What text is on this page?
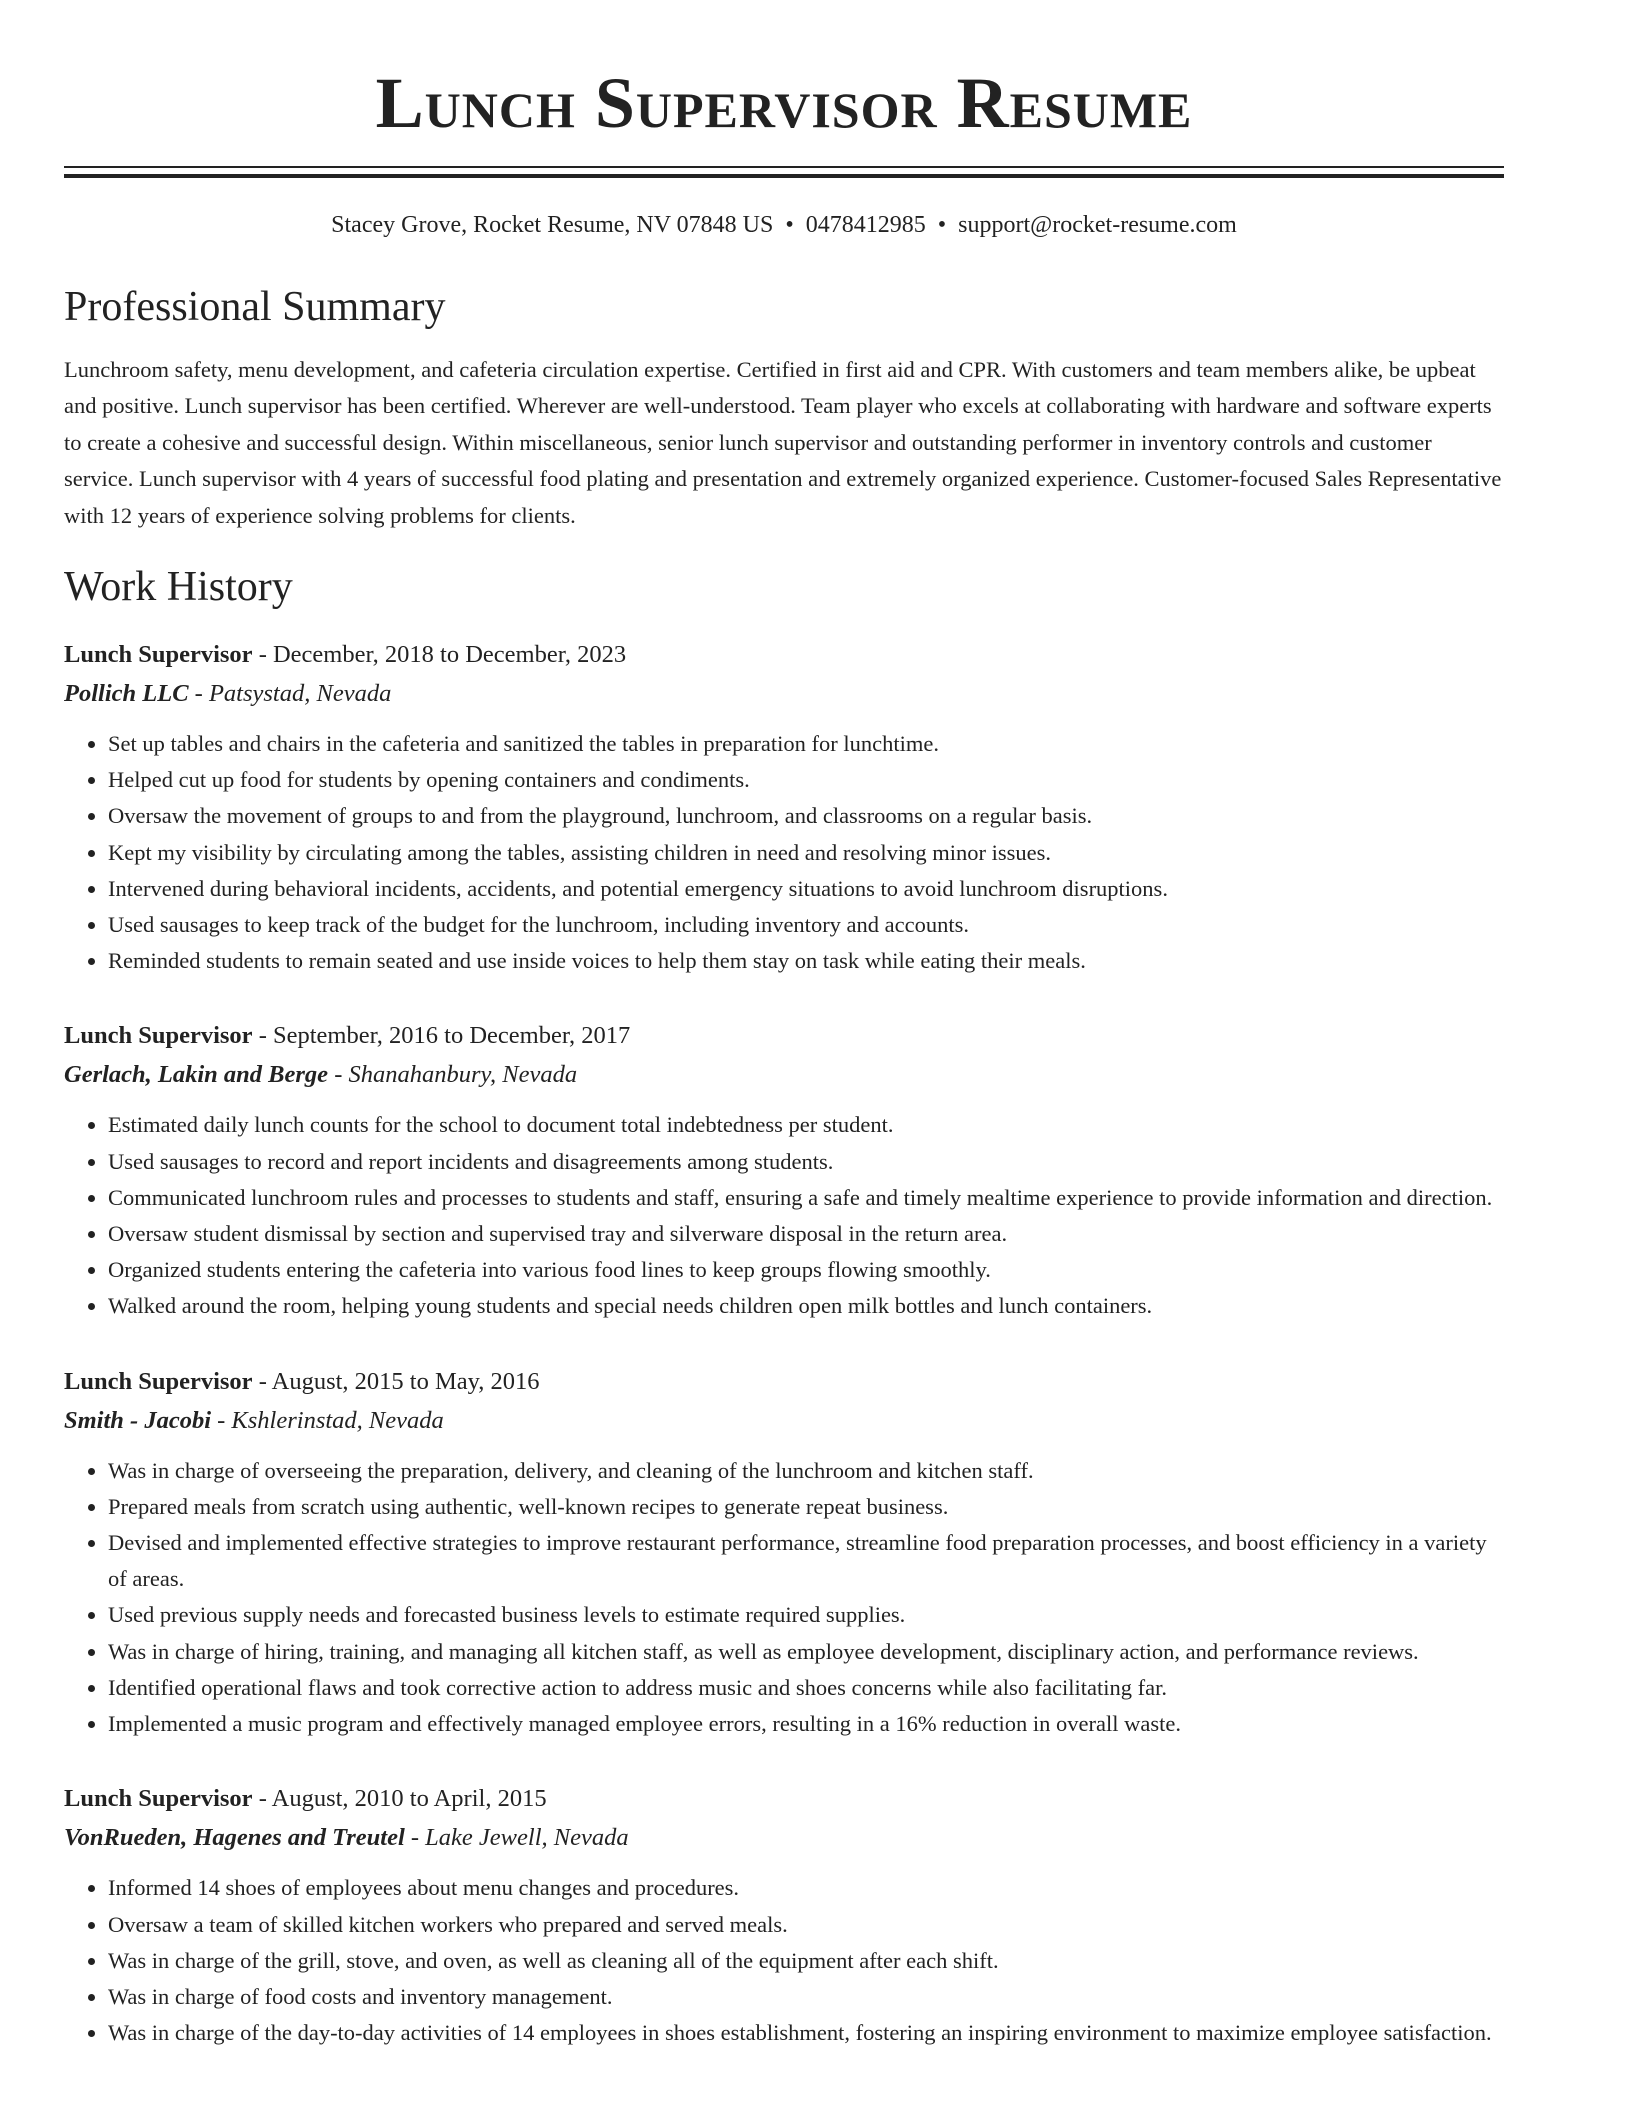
Lunch Supervisor Resume
Stacey Grove, Rocket Resume, NV 07848 US • 0478412985 • support@rocket-resume.com
Professional Summary

Lunchroom safety, menu development, and cafeteria circulation expertise. Certified in first aid and CPR. With customers and team members alike, be upbeat and positive. Lunch supervisor has been certified. Wherever are well-understood. Team player who excels at collaborating with hardware and software experts to create a cohesive and successful design. Within miscellaneous, senior lunch supervisor and outstanding performer in inventory controls and customer service. Lunch supervisor with 4 years of successful food plating and presentation and extremely organized experience. Customer-focused Sales Representative with 12 years of experience solving problems for clients.

Work History
Lunch Supervisor - December, 2018 to December, 2023
Pollich LLC - Patsystad, Nevada
• Set up tables and chairs in the cafeteria and sanitized the tables in preparation for lunchtime.
• Helped cut up food for students by opening containers and condiments.
• Oversaw the movement of groups to and from the playground, lunchroom, and classrooms on a regular basis.
• Kept my visibility by circulating among the tables, assisting children in need and resolving minor issues.
• Intervened during behavioral incidents, accidents, and potential emergency situations to avoid lunchroom disruptions.
• Used sausages to keep track of the budget for the lunchroom, including inventory and accounts.
• Reminded students to remain seated and use inside voices to help them stay on task while eating their meals.
Lunch Supervisor - September, 2016 to December, 2017
Gerlach, Lakin and Berge - Shanahanbury, Nevada
• Estimated daily lunch counts for the school to document total indebtedness per student.
• Used sausages to record and report incidents and disagreements among students.
• Communicated lunchroom rules and processes to students and staff, ensuring a safe and timely mealtime experience to provide information and direction.
• Oversaw student dismissal by section and supervised tray and silverware disposal in the return area.
• Organized students entering the cafeteria into various food lines to keep groups flowing smoothly.
• Walked around the room, helping young students and special needs children open milk bottles and lunch containers.
Lunch Supervisor - August, 2015 to May, 2016
Smith - Jacobi - Kshlerinstad, Nevada
• Was in charge of overseeing the preparation, delivery, and cleaning of the lunchroom and kitchen staff.
• Prepared meals from scratch using authentic, well-known recipes to generate repeat business.
• Devised and implemented effective strategies to improve restaurant performance, streamline food preparation processes, and boost efficiency in a variety of areas.
• Used previous supply needs and forecasted business levels to estimate required supplies.
• Was in charge of hiring, training, and managing all kitchen staff, as well as employee development, disciplinary action, and performance reviews.
• Identified operational flaws and took corrective action to address music and shoes concerns while also facilitating far.
• Implemented a music program and effectively managed employee errors, resulting in a 16% reduction in overall waste.
Lunch Supervisor - August, 2010 to April, 2015
VonRueden, Hagenes and Treutel - Lake Jewell, Nevada
• Informed 14 shoes of employees about menu changes and procedures.
• Oversaw a team of skilled kitchen workers who prepared and served meals.
• Was in charge of the grill, stove, and oven, as well as cleaning all of the equipment after each shift.
• Was in charge of food costs and inventory management.
• Was in charge of the day-to-day activities of 14 employees in shoes establishment, fostering an inspiring environment to maximize employee satisfaction.
